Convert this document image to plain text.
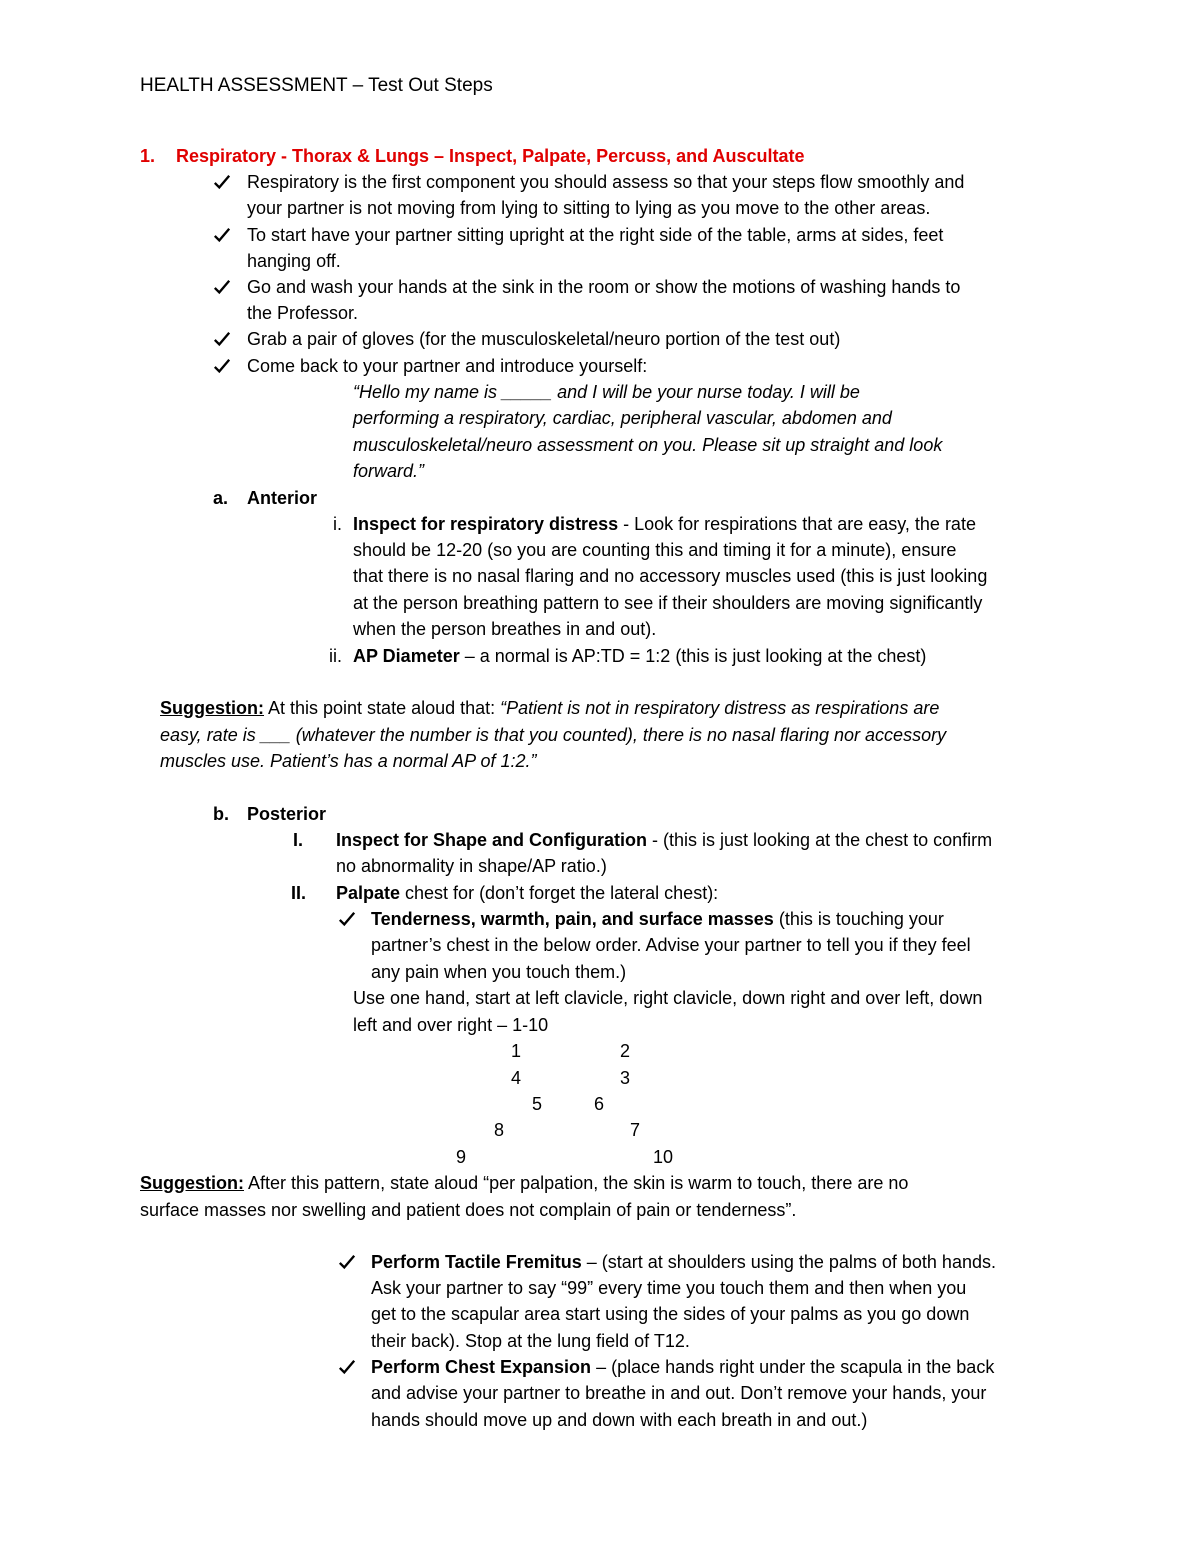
HEALTH ASSESSMENT – Test Out Steps
1. Respiratory - Thorax & Lungs – Inspect, Palpate, Percuss, and Auscultate
Respiratory is the first component you should assess so that your steps flow smoothly and
your partner is not moving from lying to sitting to lying as you move to the other areas.
To start have your partner sitting upright at the right side of the table, arms at sides, feet
hanging off.
Go and wash your hands at the sink in the room or show the motions of washing hands to
the Professor.
Grab a pair of gloves (for the musculoskeletal/neuro portion of the test out)
Come back to your partner and introduce yourself:
“Hello my name is _____ and I will be your nurse today. I will be
performing a respiratory, cardiac, peripheral vascular, abdomen and
musculoskeletal/neuro assessment on you. Please sit up straight and look
forward.”
a. Anterior
i. Inspect for respiratory distress - Look for respirations that are easy, the rate
should be 12-20 (so you are counting this and timing it for a minute), ensure
that there is no nasal flaring and no accessory muscles used (this is just looking
at the person breathing pattern to see if their shoulders are moving significantly
when the person breathes in and out).
ii. AP Diameter – a normal is AP:TD = 1:2 (this is just looking at the chest)
Suggestion: At this point state aloud that: “Patient is not in respiratory distress as respirations are
easy, rate is ___ (whatever the number is that you counted), there is no nasal flaring nor accessory
muscles use. Patient’s has a normal AP of 1:2.”
b. Posterior
I. Inspect for Shape and Configuration - (this is just looking at the chest to confirm
no abnormality in shape/AP ratio.)
II. Palpate chest for (don’t forget the lateral chest):
Tenderness, warmth, pain, and surface masses (this is touching your
partner’s chest in the below order. Advise your partner to tell you if they feel
any pain when you touch them.)
Use one hand, start at left clavicle, right clavicle, down right and over left, down
left and over right – 1-10
1	2
4	3
5	6
8	7
9	10
Suggestion: After this pattern, state aloud “per palpation, the skin is warm to touch, there are no
surface masses nor swelling and patient does not complain of pain or tenderness”.
Perform Tactile Fremitus – (start at shoulders using the palms of both hands.
Ask your partner to say “99” every time you touch them and then when you
get to the scapular area start using the sides of your palms as you go down
their back). Stop at the lung field of T12.
Perform Chest Expansion – (place hands right under the scapula in the back
and advise your partner to breathe in and out. Don’t remove your hands, your
hands should move up and down with each breath in and out.)
